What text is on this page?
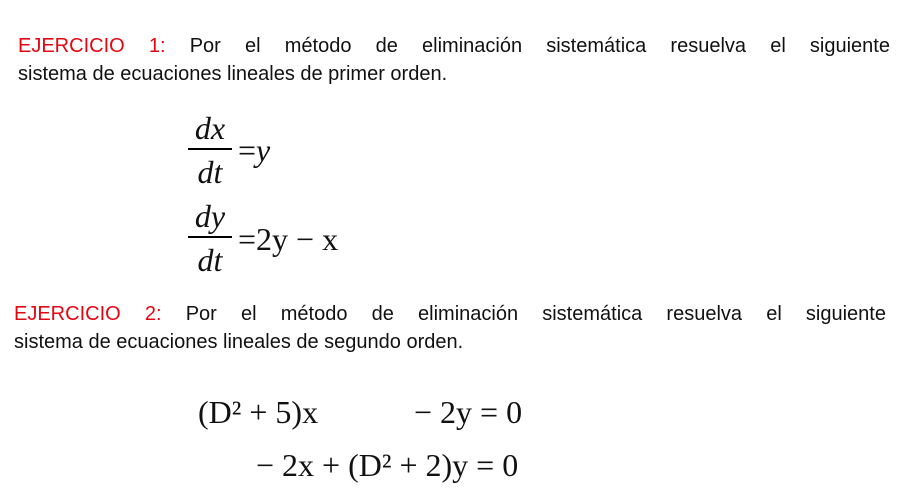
EJERCICIO 1: Por el método de eliminación sistemática resuelva el siguiente
sistema de ecuaciones lineales de primer orden.
dx
dt
=y
dy
dt
=2y − x
EJERCICIO 2: Por el método de eliminación sistemática resuelva el siguiente
sistema de ecuaciones lineales de segundo orden.
(D² + 5)x	− 2y = 0
− 2x + (D² + 2)y = 0
